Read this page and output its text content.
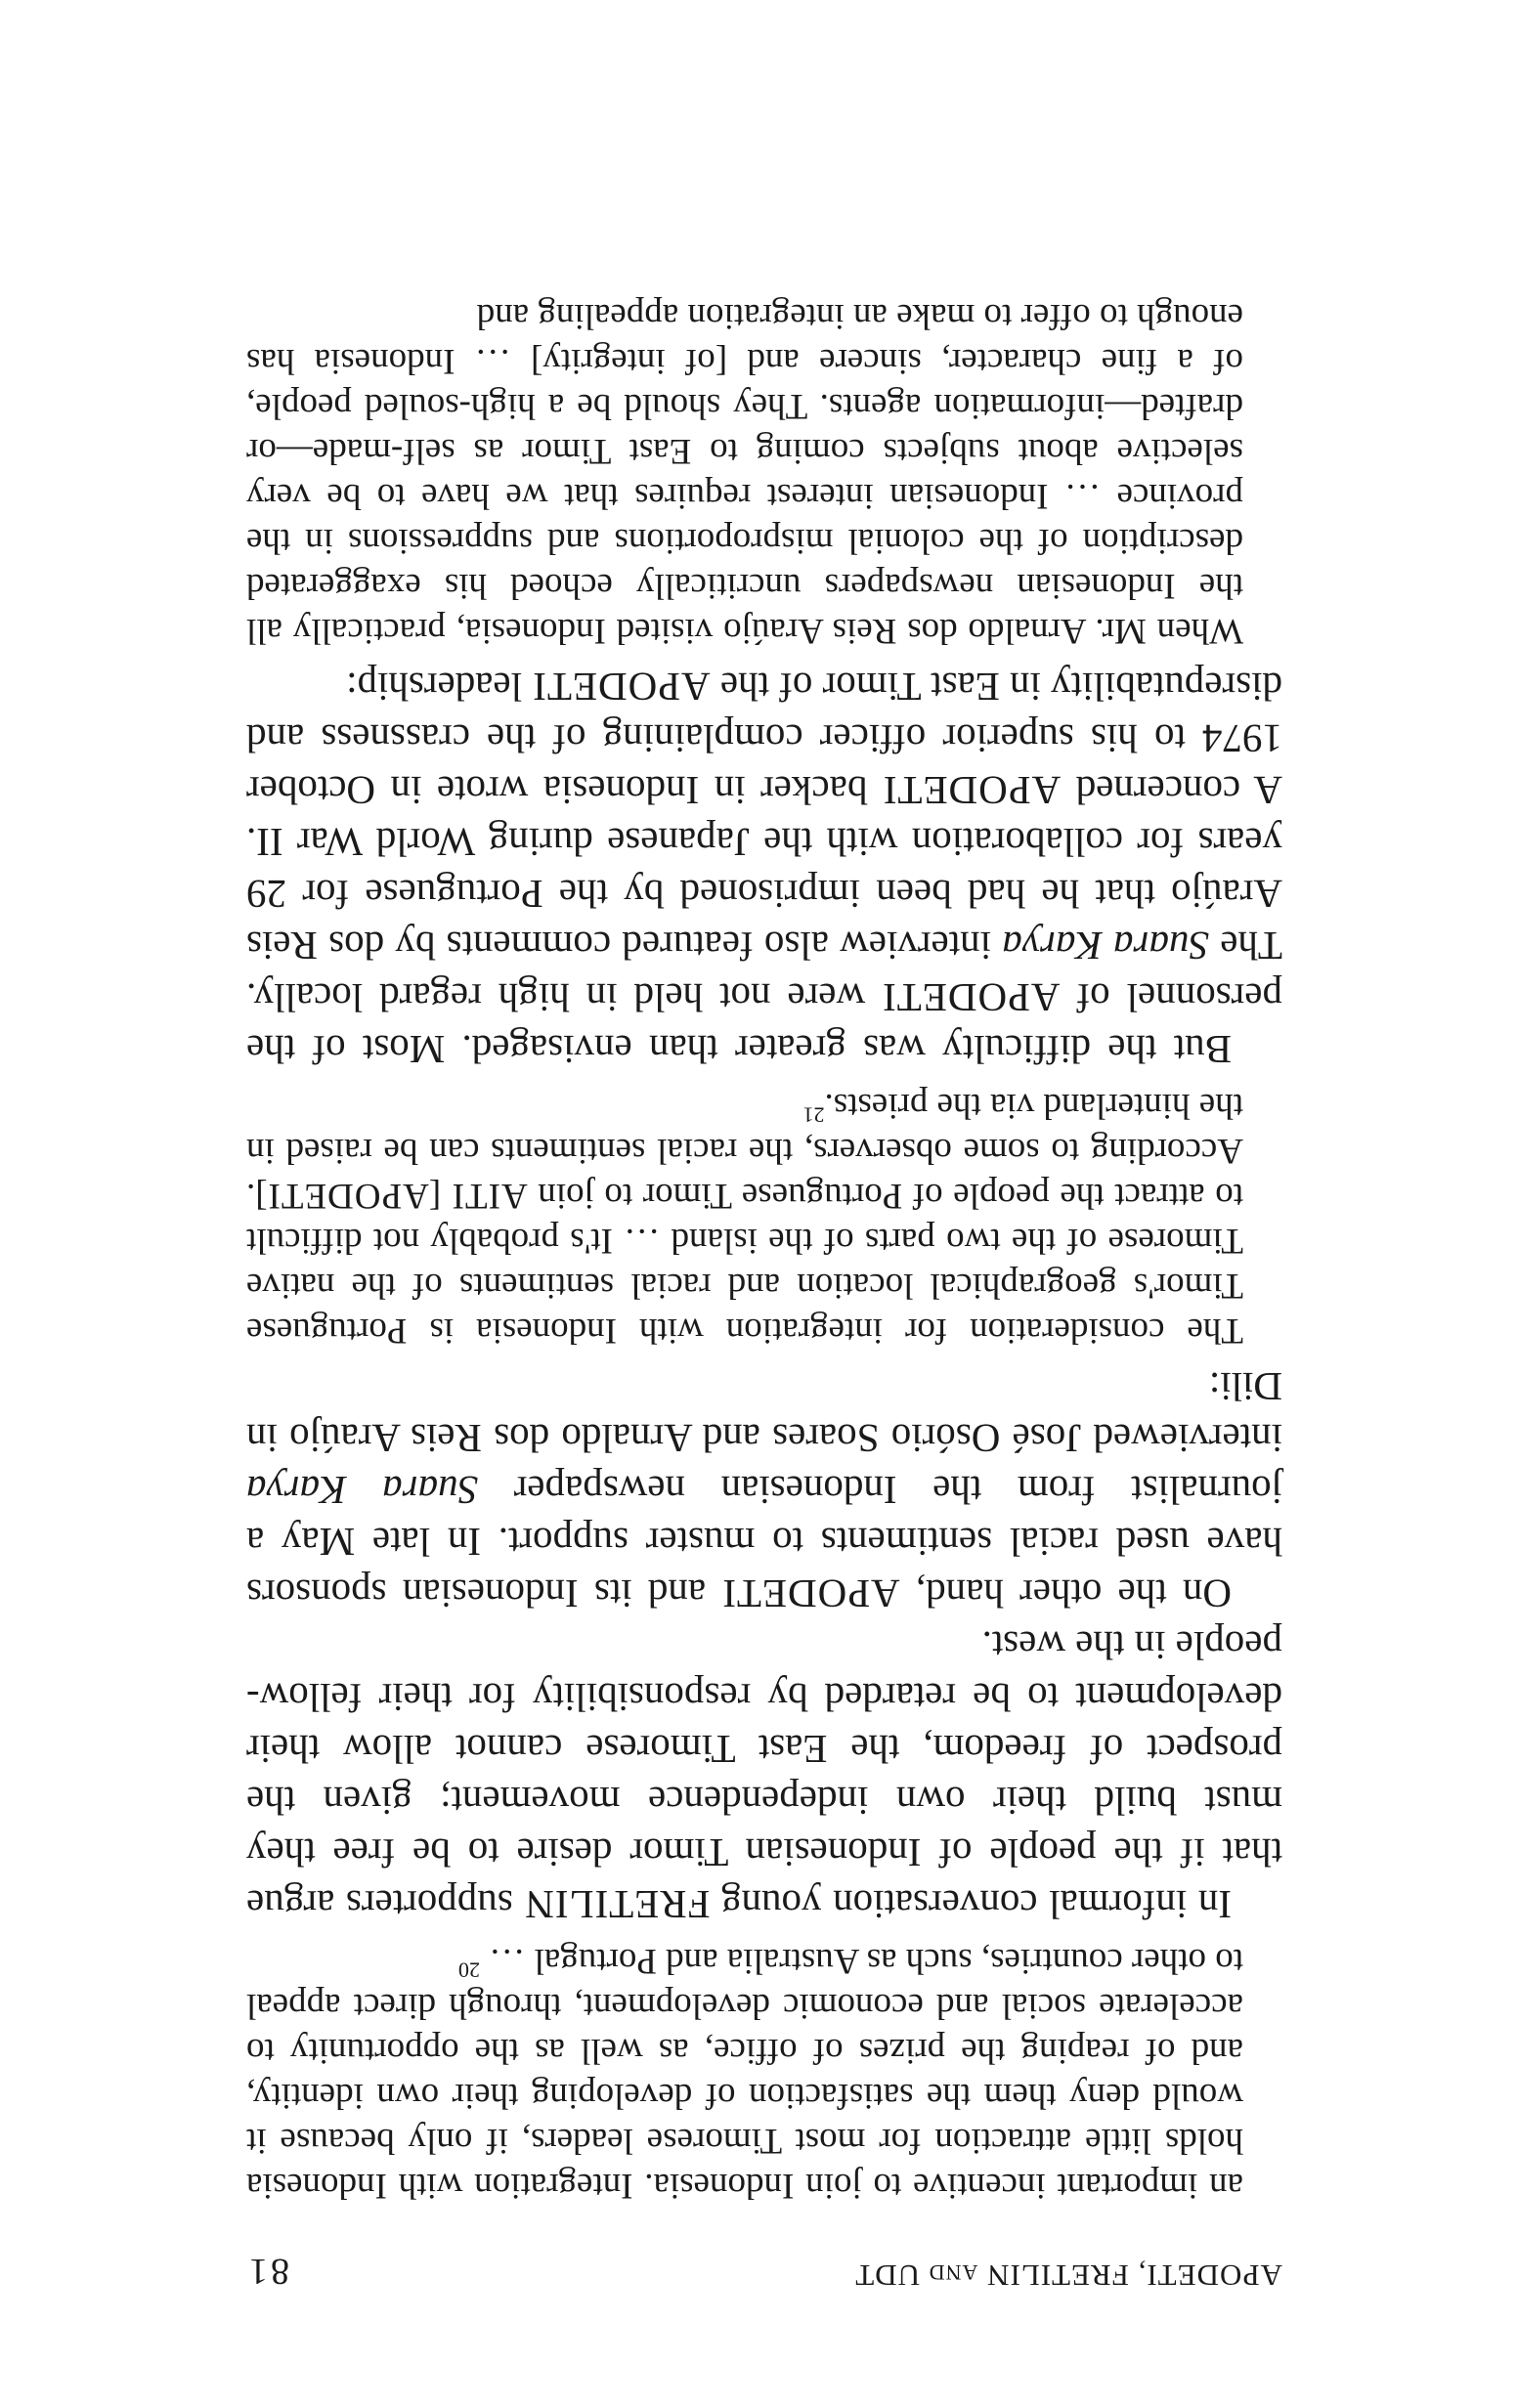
APODETI, FRETILIN and UDT
81

an important incentive to join Indonesia. Integration with Indonesia holds little attraction for most Timorese leaders, if only because it would deny them the satisfaction of developing their own identity, and of reaping the prizes of office, as well as the opportunity to accelerate social and economic development, through direct appeal to other countries, such as Australia and Portugal … $^{20}$

In informal conversation young FRETILIN supporters argue that if the people of Indonesian Timor desire to be free they must build their own independence movement; given the prospect of freedom, the East Timorese cannot allow their development to be retarded by responsibility for their fellow-people in the west.

On the other hand, APODETI and its Indonesian sponsors have used racial sentiments to muster support. In late May a journalist from the Indonesian newspaper Suara Karya interviewed José Osório Soares and Arnaldo dos Reis Araújo in Dili:

The consideration for integration with Indonesia is Portuguese Timor's geographical location and racial sentiments of the native Timorese of the two parts of the island … It's probably not difficult to attract the people of Portuguese Timor to join AITI [APODETI]. According to some observers, the racial sentiments can be raised in the hinterland via the priests.$^{21}$

But the difficulty was greater than envisaged. Most of the personnel of APODETI were not held in high regard locally. The Suara Karya interview also featured comments by dos Reis Araújo that he had been imprisoned by the Portuguese for 29 years for collaboration with the Japanese during World War II. A concerned APODETI backer in Indonesia wrote in October 1974 to his superior officer complaining of the crassness and disreputability in East Timor of the APODETI leadership:

When Mr. Arnaldo dos Reis Araújo visited Indonesia, practically all the Indonesian newspapers uncritically echoed his exaggerated description of the colonial misproportions and suppressions in the province … Indonesian interest requires that we have to be very selective about subjects coming to East Timor as self-made—or drafted—information agents. They should be a high-souled people, of a fine character, sincere and [of integrity] … Indonesia has enough to offer to make an integration appealing and
